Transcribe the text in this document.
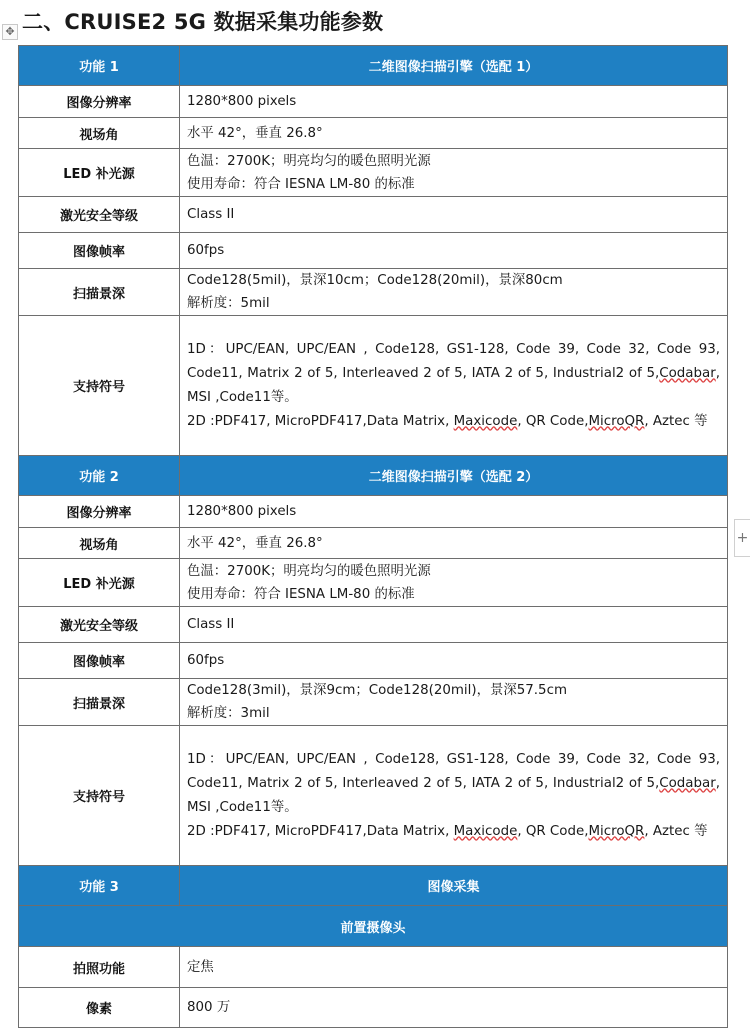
二、CRUISE2 5G 数据采集功能参数
✥
+
功能 1	二维图像扫描引擎（选配 1）
图像分辨率	1280*800 pixels
视场角	水平 42°，垂直 26.8°
LED 补光源	色温：2700K；明亮均匀的暖色照明光源
使用寿命：符合 IESNA LM-80 的标准

激光安全等级	Class II
图像帧率	60fps
扫描景深	Code128(5mil)，景深10cm；Code128(20mil)，景深80cm
解析度：5mil

支持符号	1D：UPC/EAN, UPC/EAN , Code128, GS1-128, Code 39, Code 32, Code 93, Code11, Matrix 2 of 5, Interleaved 2 of 5, IATA 2 of 5, Industrial2 of 5,Codabar, MSI ,Code11等。
2D :PDF417, MicroPDF417,Data Matrix, Maxicode, QR Code,MicroQR, Aztec 等

功能 2	二维图像扫描引擎（选配 2）
图像分辨率	1280*800 pixels
视场角	水平 42°，垂直 26.8°
LED 补光源	色温：2700K；明亮均匀的暖色照明光源
使用寿命：符合 IESNA LM-80 的标准

激光安全等级	Class II
图像帧率	60fps
扫描景深	Code128(3mil)，景深9cm；Code128(20mil)，景深57.5cm
解析度：3mil

支持符号	1D：UPC/EAN, UPC/EAN , Code128, GS1-128, Code 39, Code 32, Code 93, Code11, Matrix 2 of 5, Interleaved 2 of 5, IATA 2 of 5, Industrial2 of 5,Codabar, MSI ,Code11等。
2D :PDF417, MicroPDF417,Data Matrix, Maxicode, QR Code,MicroQR, Aztec 等

功能 3	图像采集
前置摄像头	
拍照功能	定焦
像素	800 万
